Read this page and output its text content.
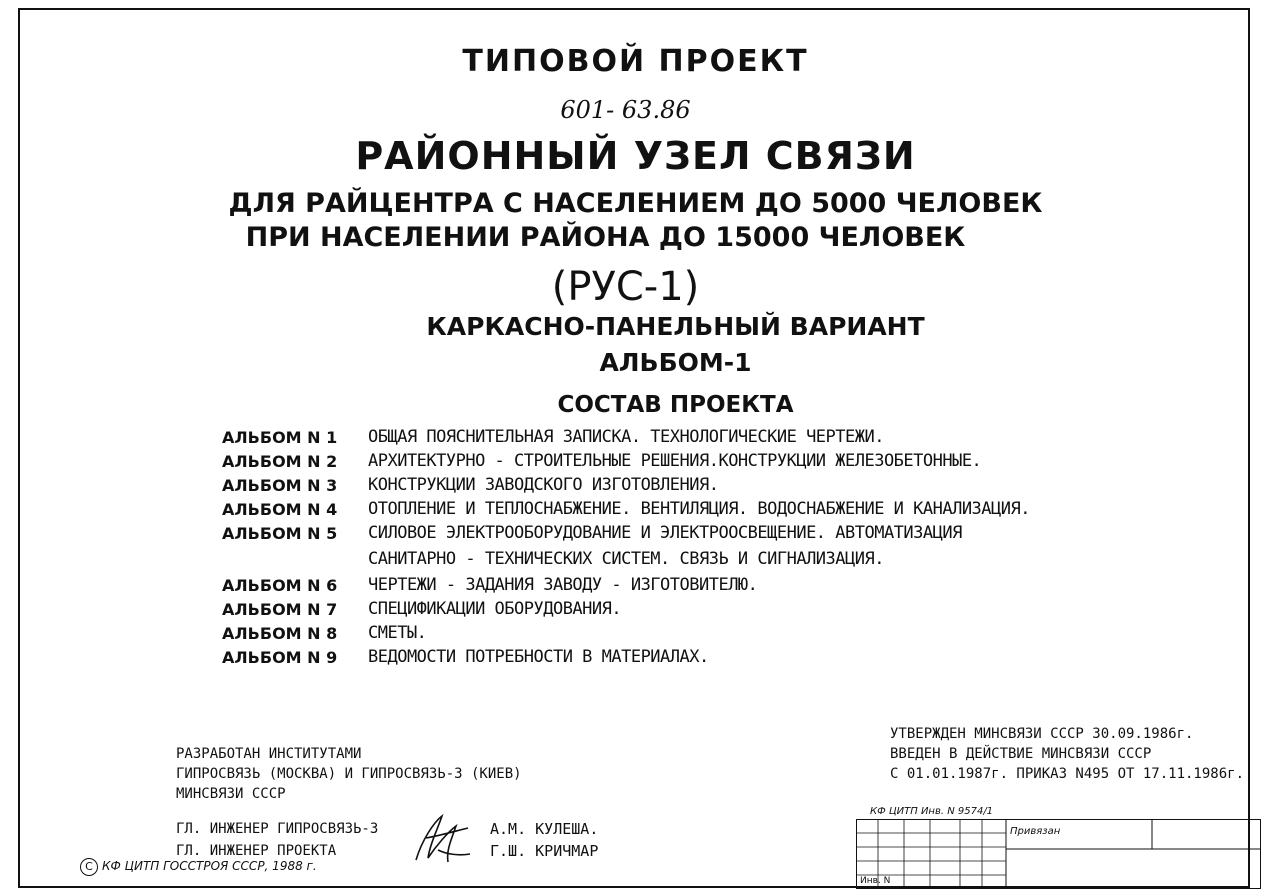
ТИПОВОЙ ПРОЕКТ
601- 63.86
РАЙОННЫЙ УЗЕЛ СВЯЗИ
ДЛЯ РАЙЦЕНТРА С НАСЕЛЕНИЕМ ДО 5000 ЧЕЛОВЕК
ПРИ НАСЕЛЕНИИ РАЙОНА ДО 15000 ЧЕЛОВЕК
(РУС-1)
КАРКАСНО-ПАНЕЛЬНЫЙ ВАРИАНТ
АЛЬБОМ-1
СОСТАВ ПРОЕКТА
АЛЬБОМ N 1	ОБЩАЯ ПОЯСНИТЕЛЬНАЯ ЗАПИСКА. ТЕХНОЛОГИЧЕСКИЕ ЧЕРТЕЖИ.
АЛЬБОМ N 2	АРХИТЕКТУРНО - СТРОИТЕЛЬНЫЕ РЕШЕНИЯ.КОНСТРУКЦИИ ЖЕЛЕЗОБЕТОННЫЕ.
АЛЬБОМ N 3	КОНСТРУКЦИИ ЗАВОДСКОГО ИЗГОТОВЛЕНИЯ.
АЛЬБОМ N 4	ОТОПЛЕНИЕ И ТЕПЛОСНАБЖЕНИЕ. ВЕНТИЛЯЦИЯ. ВОДОСНАБЖЕНИЕ И КАНАЛИЗАЦИЯ.
АЛЬБОМ N 5	СИЛОВОЕ ЭЛЕКТРООБОРУДОВАНИЕ И ЭЛЕКТРООСВЕЩЕНИЕ. АВТОМАТИЗАЦИЯ
САНИТАРНО - ТЕХНИЧЕСКИХ СИСТЕМ. СВЯЗЬ И СИГНАЛИЗАЦИЯ.
АЛЬБОМ N 6	ЧЕРТЕЖИ - ЗАДАНИЯ ЗАВОДУ - ИЗГОТОВИТЕЛЮ.
АЛЬБОМ N 7	СПЕЦИФИКАЦИИ ОБОРУДОВАНИЯ.
АЛЬБОМ N 8	СМЕТЫ.
АЛЬБОМ N 9	ВЕДОМОСТИ ПОТРЕБНОСТИ В МАТЕРИАЛАХ.
РАЗРАБОТАН ИНСТИТУТАМИ
ГИПРОСВЯЗЬ (МОСКВА) И ГИПРОСВЯЗЬ-3 (КИЕВ)
МИНСВЯЗИ СССР
ГЛ. ИНЖЕНЕР ГИПРОСВЯЗЬ-3
ГЛ. ИНЖЕНЕР ПРОЕКТА
А.М. КУЛЕША.
Г.Ш. КРИЧМАР
C КФ ЦИТП ГОССТРОЯ СССР, 1988 г.
УТВЕРЖДЕН МИНСВЯЗИ СССР 30.09.1986г.
ВВЕДЕН В ДЕЙСТВИЕ МИНСВЯЗИ СССР
С 01.01.1987г. ПРИКАЗ N495 ОТ 17.11.1986г.
КФ ЦИТП Инв. N 9574/1
Привязан
Инв. N
